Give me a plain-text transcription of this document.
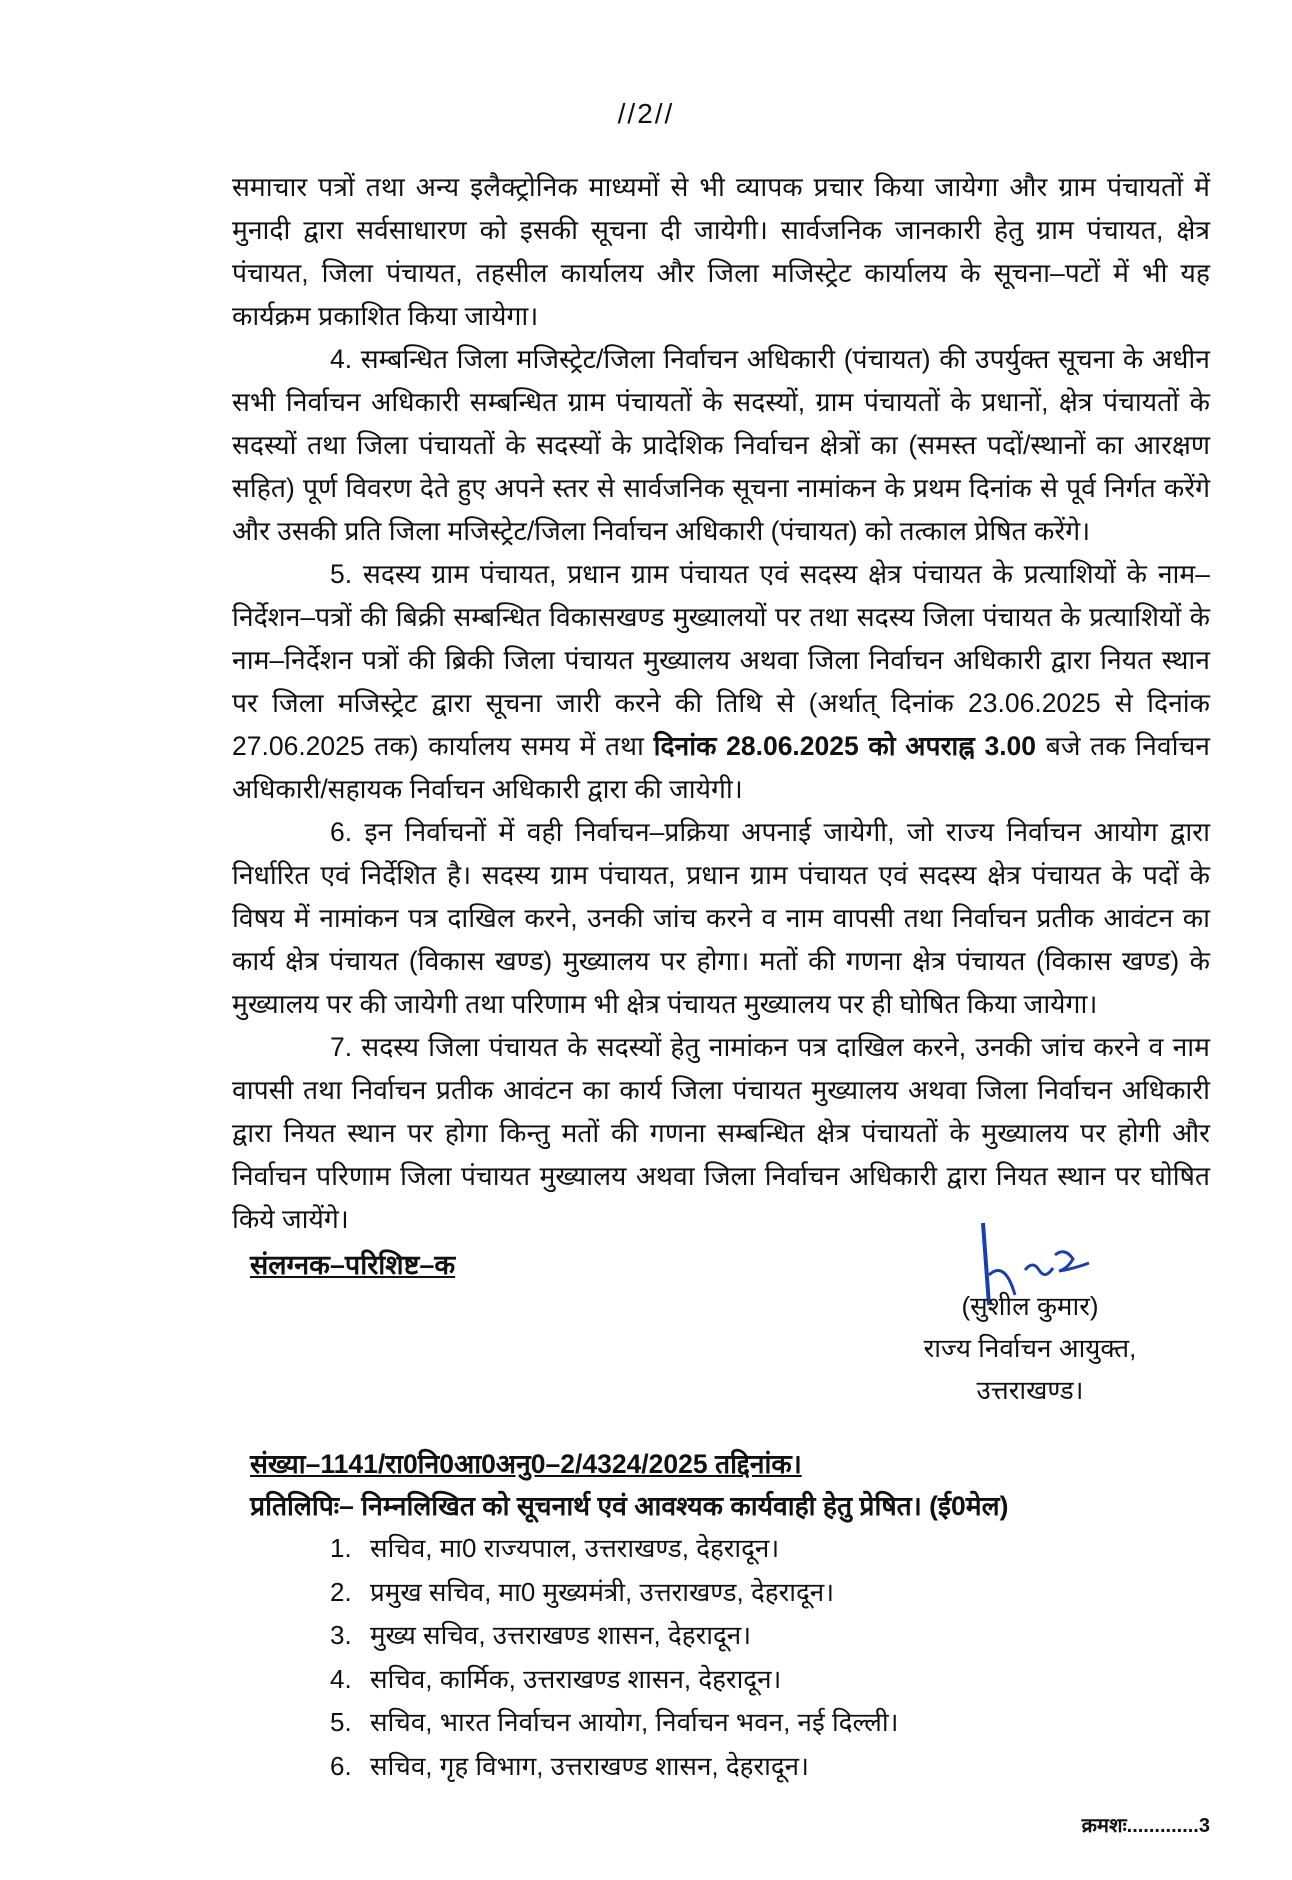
//2//

समाचार पत्रों तथा अन्य इलैक्ट्रोनिक माध्यमों से भी व्यापक प्रचार किया जायेगा और ग्राम पंचायतों में मुनादी द्वारा सर्वसाधारण को इसकी सूचना दी जायेगी। सार्वजनिक जानकारी हेतु ग्राम पंचायत, क्षेत्र पंचायत, जिला पंचायत, तहसील कार्यालय और जिला मजिस्ट्रेट कार्यालय के सूचना–पटों में भी यह कार्यक्रम प्रकाशित किया जायेगा।

4. सम्बन्धित जिला मजिस्ट्रेट/जिला निर्वाचन अधिकारी (पंचायत) की उपर्युक्त सूचना के अधीन सभी निर्वाचन अधिकारी सम्बन्धित ग्राम पंचायतों के सदस्यों, ग्राम पंचायतों के प्रधानों, क्षेत्र पंचायतों के सदस्यों तथा जिला पंचायतों के सदस्यों के प्रादेशिक निर्वाचन क्षेत्रों का (समस्त पदों/स्थानों का आरक्षण सहित) पूर्ण विवरण देते हुए अपने स्तर से सार्वजनिक सूचना नामांकन के प्रथम दिनांक से पूर्व निर्गत करेंगे और उसकी प्रति जिला मजिस्ट्रेट/जिला निर्वाचन अधिकारी (पंचायत) को तत्काल प्रेषित करेंगे।

5. सदस्य ग्राम पंचायत, प्रधान ग्राम पंचायत एवं सदस्य क्षेत्र पंचायत के प्रत्याशियों के नाम–निर्देशन–पत्रों की बिक्री सम्बन्धित विकासखण्ड मुख्यालयों पर तथा सदस्य जिला पंचायत के प्रत्याशियों के नाम–निर्देशन पत्रों की ब्रिकी जिला पंचायत मुख्यालय अथवा जिला निर्वाचन अधिकारी द्वारा नियत स्थान पर जिला मजिस्ट्रेट द्वारा सूचना जारी करने की तिथि से (अर्थात् दिनांक 23.06.2025 से दिनांक 27.06.2025 तक) कार्यालय समय में तथा दिनांक 28.06.2025 को अपराह्न 3.00 बजे तक निर्वाचन अधिकारी/सहायक निर्वाचन अधिकारी द्वारा की जायेगी।

6. इन निर्वाचनों में वही निर्वाचन–प्रक्रिया अपनाई जायेगी, जो राज्य निर्वाचन आयोग द्वारा निर्धारित एवं निर्देशित है। सदस्य ग्राम पंचायत, प्रधान ग्राम पंचायत एवं सदस्य क्षेत्र पंचायत के पदों के विषय में नामांकन पत्र दाखिल करने, उनकी जांच करने व नाम वापसी तथा निर्वाचन प्रतीक आवंटन का कार्य क्षेत्र पंचायत (विकास खण्ड) मुख्यालय पर होगा। मतों की गणना क्षेत्र पंचायत (विकास खण्ड) के मुख्यालय पर की जायेगी तथा परिणाम भी क्षेत्र पंचायत मुख्यालय पर ही घोषित किया जायेगा।

7. सदस्य जिला पंचायत के सदस्यों हेतु नामांकन पत्र दाखिल करने, उनकी जांच करने व नाम वापसी तथा निर्वाचन प्रतीक आवंटन का कार्य जिला पंचायत मुख्यालय अथवा जिला निर्वाचन अधिकारी द्वारा नियत स्थान पर होगा किन्तु मतों की गणना सम्बन्धित क्षेत्र पंचायतों के मुख्यालय पर होगी और निर्वाचन परिणाम जिला पंचायत मुख्यालय अथवा जिला निर्वाचन अधिकारी द्वारा नियत स्थान पर घोषित किये जायेंगे।

संलग्नक–परिशिष्ट–क
(सुशील कुमार)
राज्य निर्वाचन आयुक्त,
उत्तराखण्ड।
संख्या–1141/रा0नि0आ0अनु0–2/4324/2025 तद्दिनांक।
प्रतिलिपिः– निम्नलिखित को सूचनार्थ एवं आवश्यक कार्यवाही हेतु प्रेषित। (ई0मेल)
1. सचिव, मा0 राज्यपाल, उत्तराखण्ड, देहरादून।
2. प्रमुख सचिव, मा0 मुख्यमंत्री, उत्तराखण्ड, देहरादून।
3. मुख्य सचिव, उत्तराखण्ड शासन, देहरादून।
4. सचिव, कार्मिक, उत्तराखण्ड शासन, देहरादून।
5. सचिव, भारत निर्वाचन आयोग, निर्वाचन भवन, नई दिल्ली।
6. सचिव, गृह विभाग, उत्तराखण्ड शासन, देहरादून।
क्रमशः.............3
